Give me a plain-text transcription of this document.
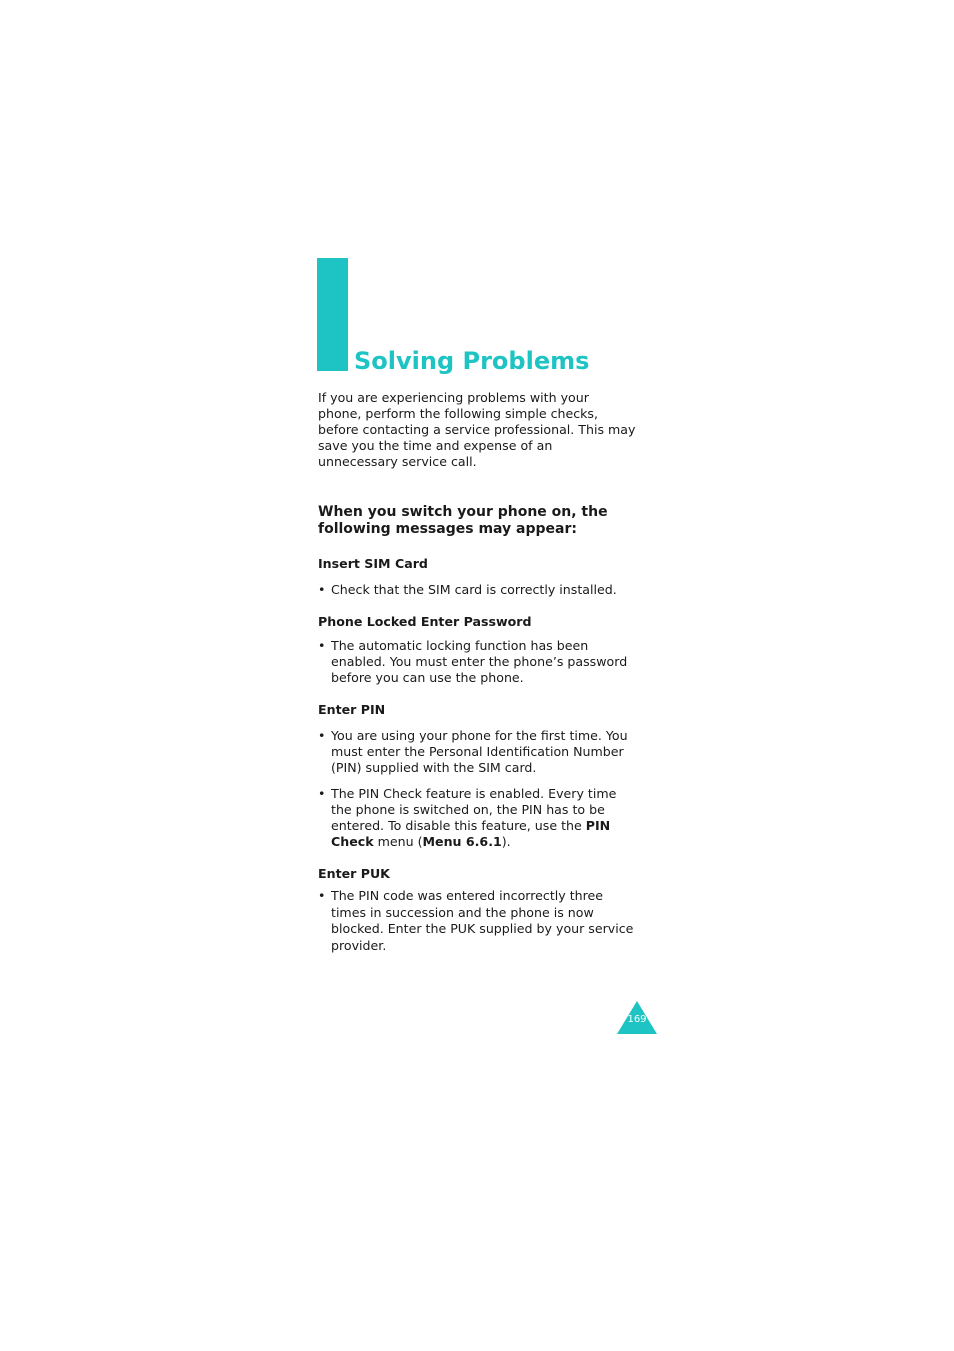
Solving Problems

If you are experiencing problems with your phone, perform the following simple checks, before contacting a service professional. This may save you the time and expense of an unnecessary service call.

When you switch your phone on, the following messages may appear:

Insert SIM Card

• Check that the SIM card is correctly installed.

Phone Locked Enter Password

• The automatic locking function has been enabled. You must enter the phone’s password before you can use the phone.

Enter PIN

• You are using your phone for the first time. You must enter the Personal Identification Number (PIN) supplied with the SIM card.
• The PIN Check feature is enabled. Every time the phone is switched on, the PIN has to be entered. To disable this feature, use the PIN Check menu (Menu 6.6.1).

Enter PUK

• The PIN code was entered incorrectly three times in succession and the phone is now blocked. Enter the PUK supplied by your service provider.
169
